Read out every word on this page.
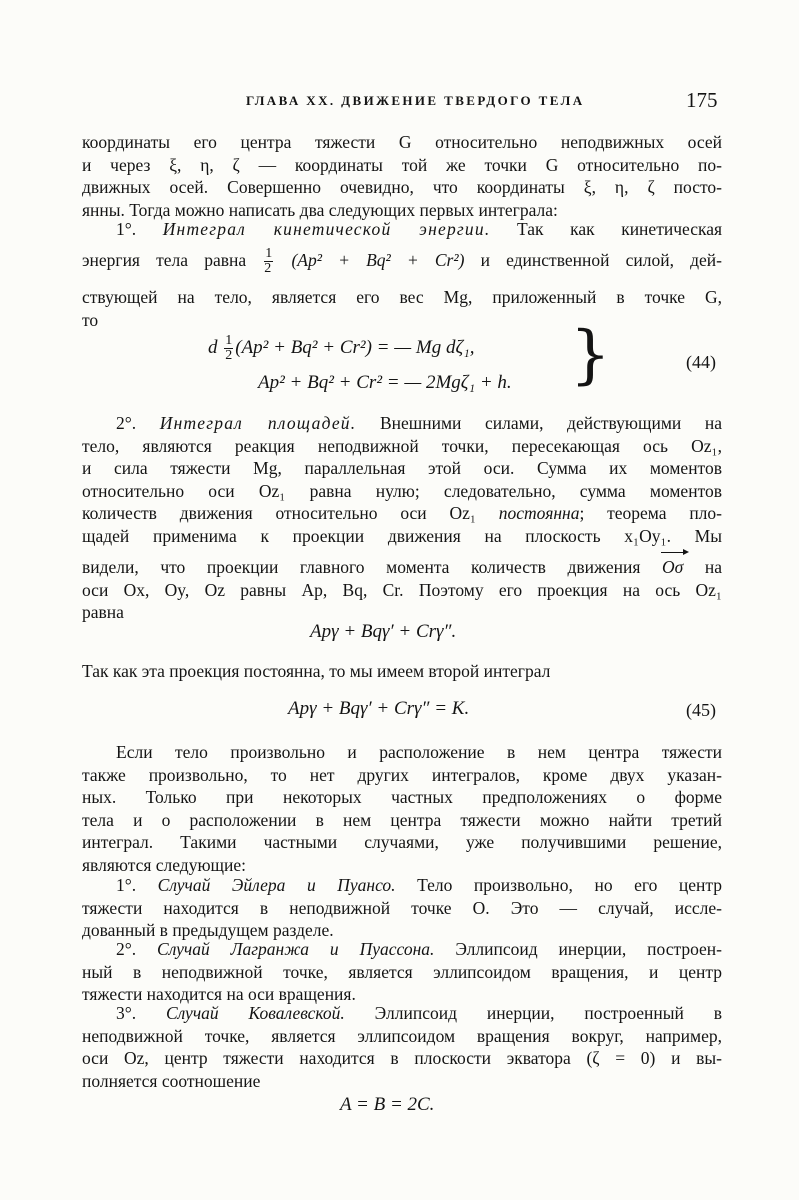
ГЛАВА XX. ДВИЖЕНИЕ ТВЕРДОГО ТЕЛА	175
координаты его центра тяжести G относительно неподвижных осей
и через ξ, η, ζ — координаты той же точки G относительно по-
движных осей. Совершенно очевидно, что координаты ξ, η, ζ посто-
янны. Тогда можно написать два следующих первых интеграла:
1°. Интеграл кинетической энергии. Так как кинетическая
энергия тела равна $\frac{1}{2} (Ap^2 + Bq^2 + Cr^2)$ и единственной силой, дей-
ствующей на тело, является его вес Mg, приложенный в точке G,
то
d $\frac{1}{2} (Ap^2 + Bq^2 + Cr^2)$ = — Mg dζ₁,
Ap² + Bq² + Cr² = — 2Mgζ₁ + h. }	(44)
2°. Интеграл площадей. Внешними силами, действующими на
тело, являются реакция неподвижной точки, пересекающая ось Oz₁,
и сила тяжести Mg, параллельная этой оси. Сумма их моментов
относительно оси Oz₁ равна нулю; следовательно, сумма моментов
количеств движения относительно оси Oz₁ постоянна; теорема пло-
щадей применима к проекции движения на плоскость x₁Oy₁. Мы
видели, что проекции главного момента количеств движения Oσ на
оси Ox, Oy, Oz равны Ap, Bq, Cr. Поэтому его проекция на ось Oz₁
равна
Apγ + Bqγ′ + Crγ″.
Так как эта проекция постоянна, то мы имеем второй интеграл
Apγ + Bqγ′ + Crγ″ = K.	(45)
Если тело произвольно и расположение в нем центра тяжести
также произвольно, то нет других интегралов, кроме двух указан-
ных. Только при некоторых частных предположениях о форме
тела и о расположении в нем центра тяжести можно найти третий
интеграл. Такими частными случаями, уже получившими решение,
являются следующие:
1°. Случай Эйлера и Пуансо. Тело произвольно, но его центр
тяжести находится в неподвижной точке O. Это — случай, иссле-
дованный в предыдущем разделе.
2°. Случай Лагранжа и Пуассона. Эллипсоид инерции, построен-
ный в неподвижной точке, является эллипсоидом вращения, и центр
тяжести находится на оси вращения.
3°. Случай Ковалевской. Эллипсоид инерции, построенный в
неподвижной точке, является эллипсоидом вращения вокруг, например,
оси Oz, центр тяжести находится в плоскости экватора (ζ = 0) и вы-
полняется соотношение
A = B = 2C.
